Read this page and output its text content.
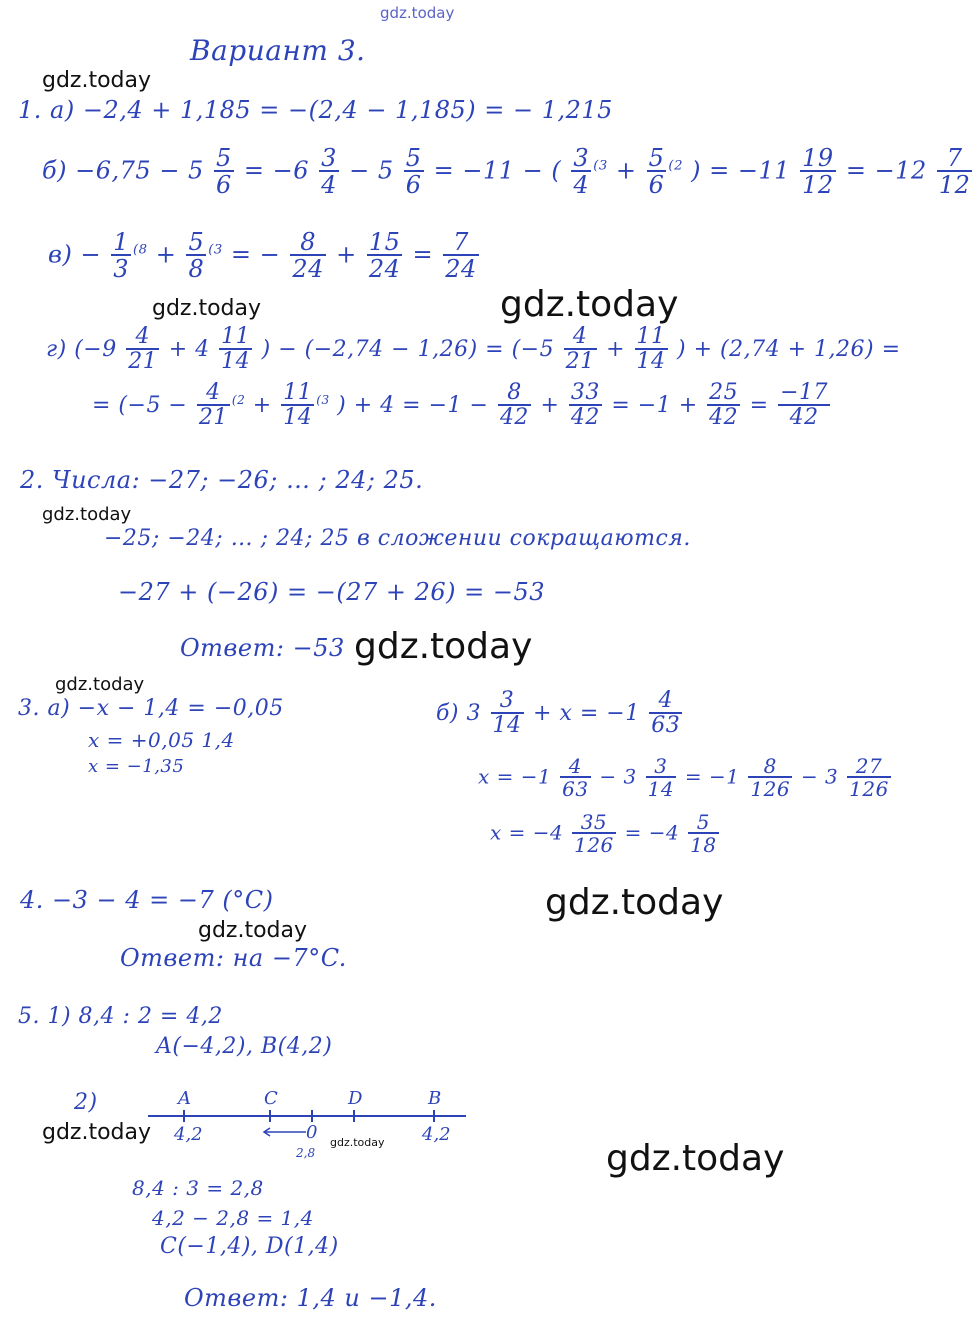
gdz.today
gdz.today
gdz.today	gdz.today
gdz.today
gdz.today
gdz.today
gdz.today
gdz.today
gdz.today
gdz.today
gdz.today
Вариант 3.
1. а) −2,4 + 1,185 = −(2,4 − 1,185) = − 1,215
$б) -6,75 - 5 \frac{5}{6} = -6 \frac{3}{4} - 5 \frac{5}{6} = -11$ − ( $\frac{3}{4} ^{(3} + \frac{5}{6} ^{(2}$ ) = $-11 \frac{19}{12} = -12 \frac{7}{12}$
$в) - \frac{1}{3} ^{(8} + \frac{5}{8} ^{(3}$ = − $\frac{8}{24} + \frac{15}{24} = \frac{7}{24}$
г) ($-9 \frac{4}{21} + 4 \frac{11}{14}$ ) − $(-2,74 - 1,26) = (-5 \frac{4}{21} + \frac{11}{14}$ ) + (2,74 + 1,26) =
= ($-5 - \frac{4}{21} ^{(2} + \frac{11}{14} ^{(3}$ ) + $4 = -1 - \frac{8}{42} + \frac{33}{42} = -1 + \frac{25}{42} = \frac{-17}{42}$
2. Числа: −27; −26; … ; 24; 25.
−25; −24; … ; 24; 25 в сложении сокращаются.
−27 + (−26) = −(27 + 26) = −53
Ответ: −53
3. а) −x − 1,4 = −0,05
x = +0,05 1,4
x = −1,35
б) $3 \frac{3}{14} + x = -1 \frac{4}{63}$
$x = -1 \frac{4}{63} - 3 \frac{3}{14} = -1 \frac{8}{126} - 3 \frac{27}{126}$
$x = -4 \frac{35}{126} = -4 \frac{5}{18}$
4. −3 − 4 = −7 (°C)
Ответ: на −7°C.
5. 1) 8,4 : 2 = 4,2
A(−4,2), B(4,2)
2)	A	C	D	B
4,2	0
2,8
4,2
8,4 : 3 = 2,8
4,2 − 2,8 = 1,4
C(−1,4), D(1,4)
Ответ: 1,4 и −1,4.
